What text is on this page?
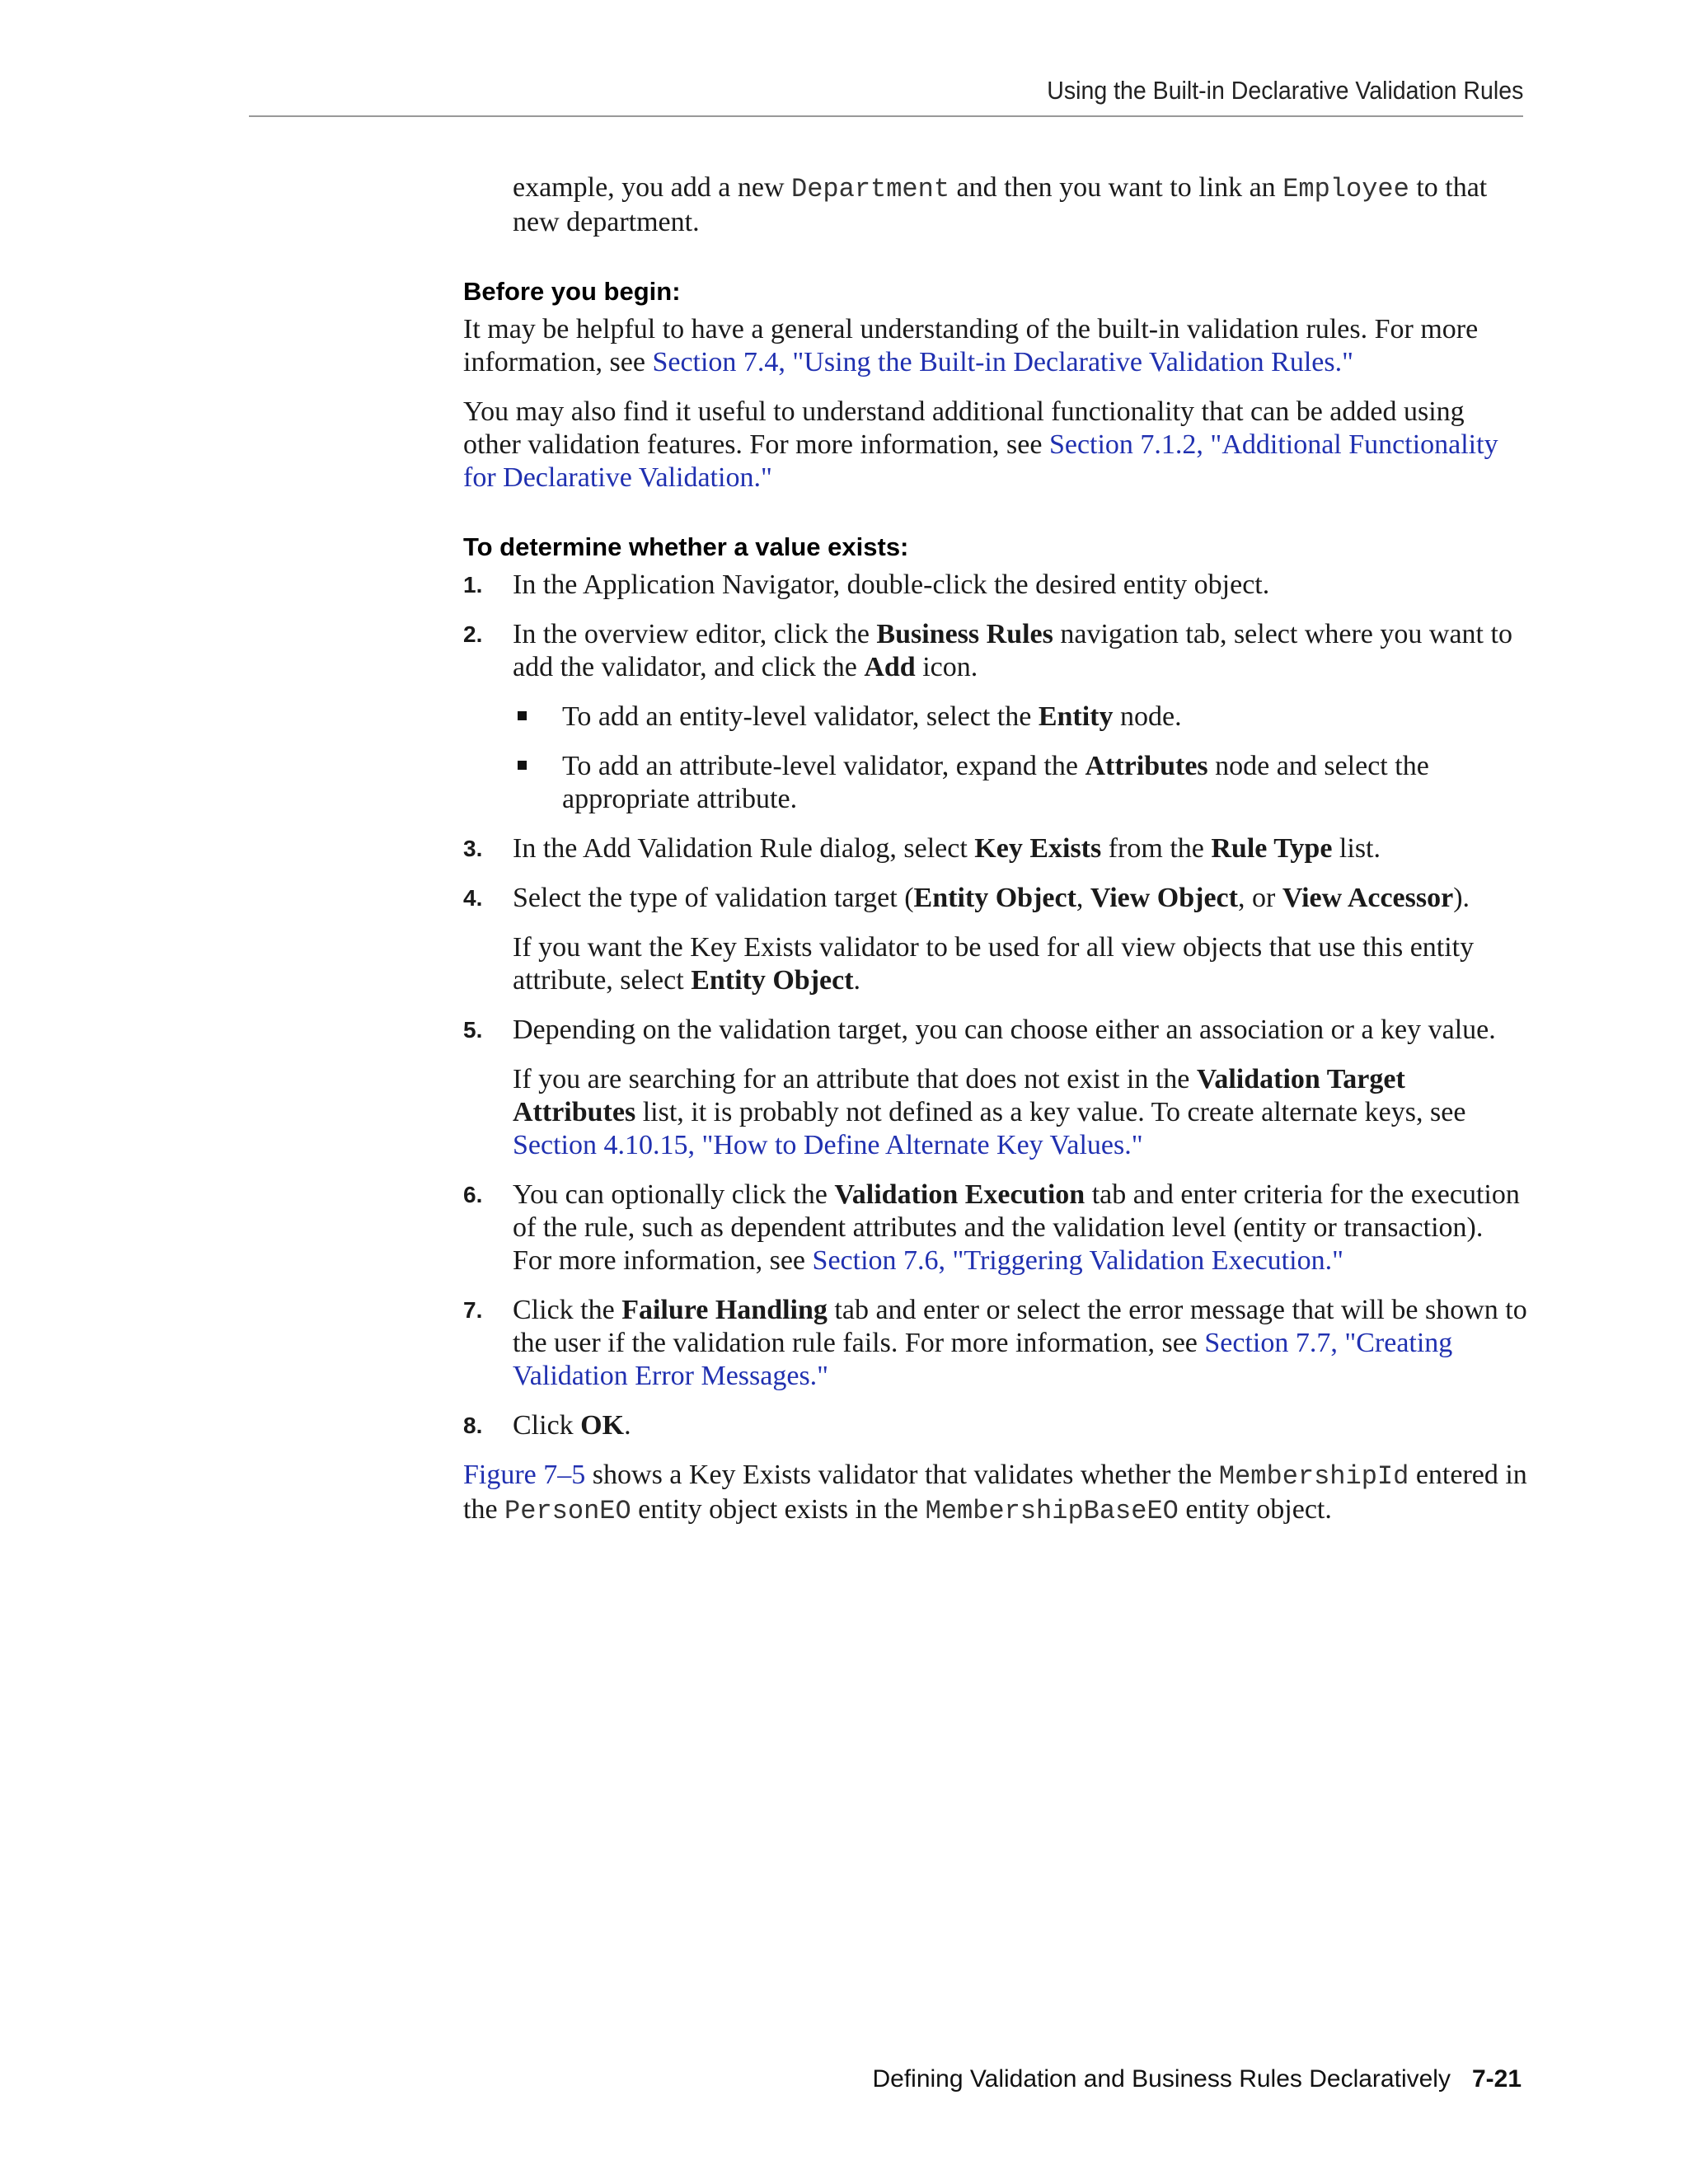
Using the Built-in Declarative Validation Rules

example, you add a new Department and then you want to link an Employee to that new department.

Before you begin:

It may be helpful to have a general understanding of the built-in validation rules. For more information, see Section 7.4, "Using the Built-in Declarative Validation Rules."

You may also find it useful to understand additional functionality that can be added using other validation features. For more information, see Section 7.1.2, "Additional Functionality for Declarative Validation."

To determine whether a value exists:
1. In the Application Navigator, double-click the desired entity object.

2. In the overview editor, click the Business Rules navigation tab, select where you want to add the validator, and click the Add icon.

To add an entity-level validator, select the Entity node.
To add an attribute-level validator, expand the Attributes node and select the appropriate attribute.
3. In the Add Validation Rule dialog, select Key Exists from the Rule Type list.

4. Select the type of validation target (Entity Object, View Object, or View Accessor).

If you want the Key Exists validator to be used for all view objects that use this entity attribute, select Entity Object.

5. Depending on the validation target, you can choose either an association or a key value.

If you are searching for an attribute that does not exist in the Validation Target Attributes list, it is probably not defined as a key value. To create alternate keys, see Section 4.10.15, "How to Define Alternate Key Values."

6. You can optionally click the Validation Execution tab and enter criteria for the execution of the rule, such as dependent attributes and the validation level (entity or transaction). For more information, see Section 7.6, "Triggering Validation Execution."

7. Click the Failure Handling tab and enter or select the error message that will be shown to the user if the validation rule fails. For more information, see Section 7.7, "Creating Validation Error Messages."

8. Click OK.

Figure 7–5 shows a Key Exists validator that validates whether the MembershipId entered in the PersonEO entity object exists in the MembershipBaseEO entity object.

Defining Validation and Business Rules Declaratively 7-21
